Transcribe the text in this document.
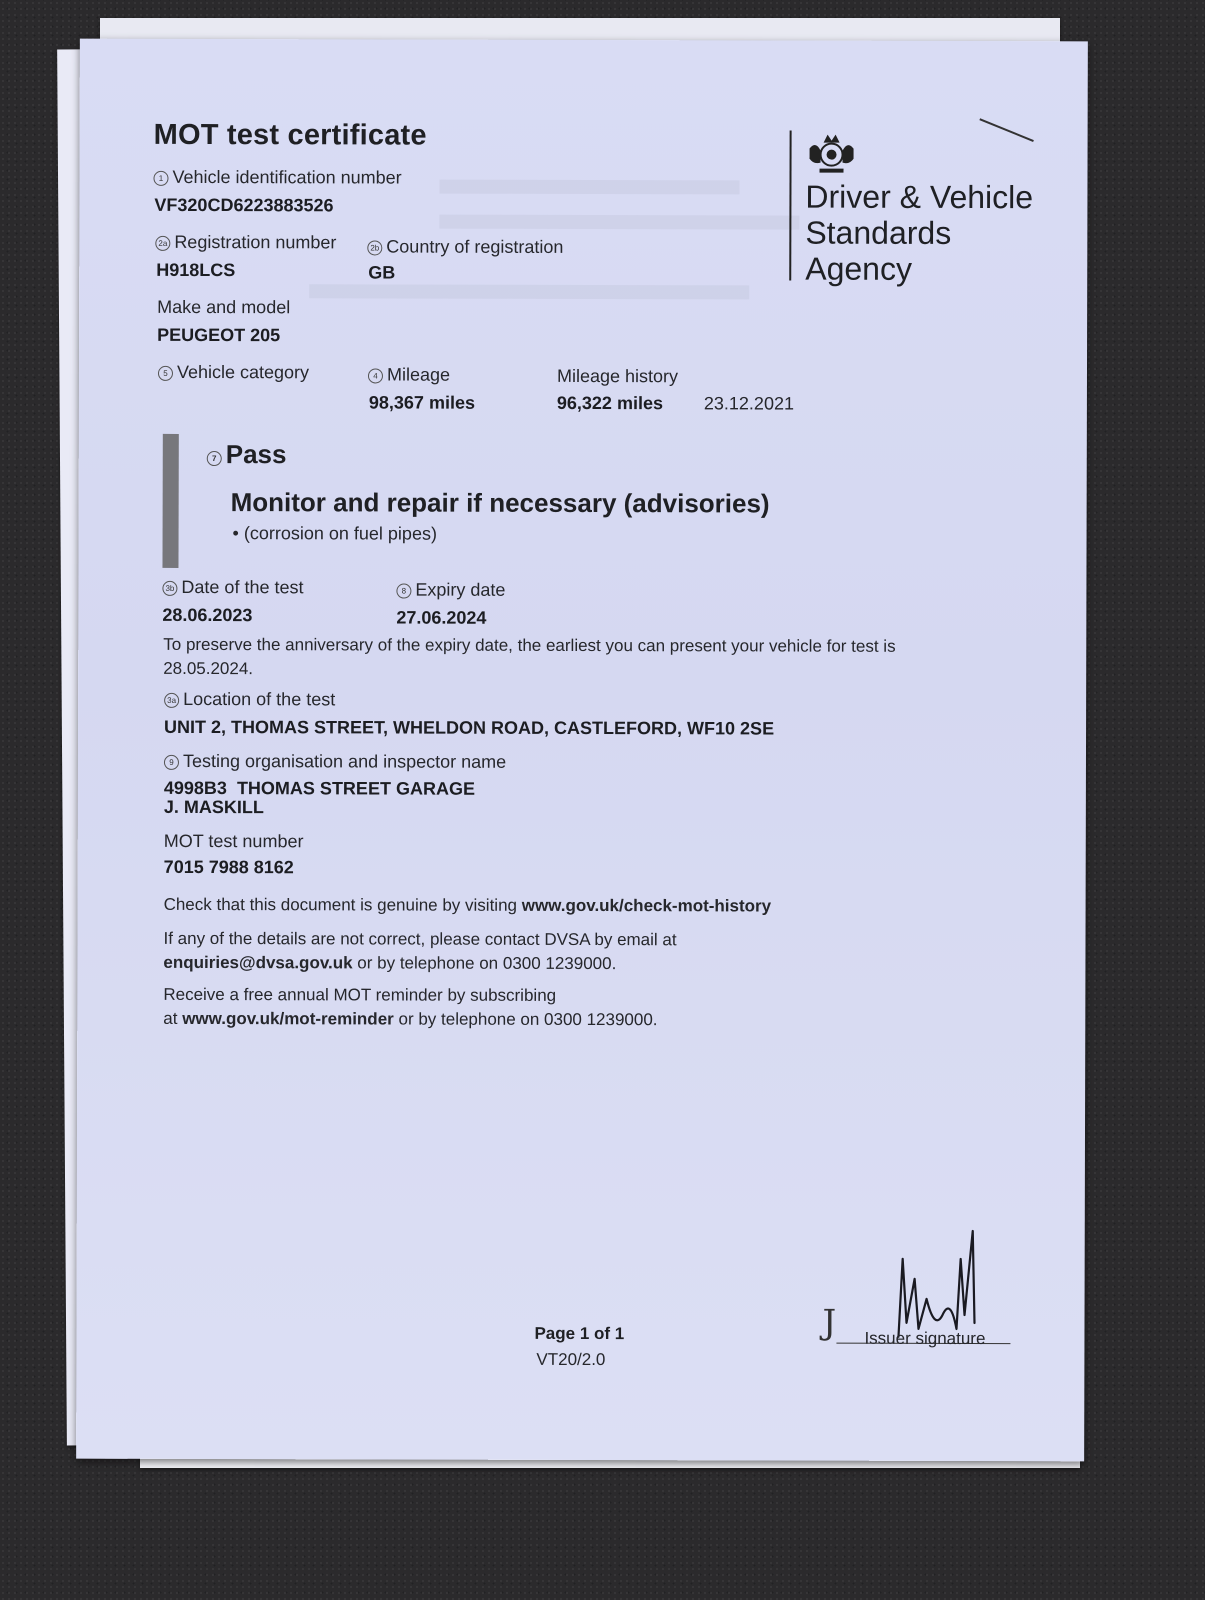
MOT test certificate
1 Vehicle identification number
VF320CD6223883526
2a Registration number
H918LCS
2b Country of registration
GB
Make and model
PEUGEOT 205
5 Vehicle category	4 Mileage
98,367 miles
Mileage history
96,322 miles 23.12.2021
Driver & Vehicle
Standards
Agency
7 Pass
Monitor and repair if necessary (advisories)
• (corrosion on fuel pipes)
3b Date of the test
28.06.2023
8 Expiry date
27.06.2024
To preserve the anniversary of the expiry date, the earliest you can present your vehicle for test is
28.05.2024.
3a Location of the test
UNIT 2, THOMAS STREET, WHELDON ROAD, CASTLEFORD, WF10 2SE
9 Testing organisation and inspector name
4998B3  THOMAS STREET GARAGE
J. MASKILL
MOT test number
7015 7988 8162
Check that this document is genuine by visiting www.gov.uk/check-mot-history
If any of the details are not correct, please contact DVSA by email at
enquiries@dvsa.gov.uk or by telephone on 0300 1239000.
Receive a free annual MOT reminder by subscribing
at www.gov.uk/mot-reminder or by telephone on 0300 1239000.
Page 1 of 1
VT20/2.0
J Issuer signature
